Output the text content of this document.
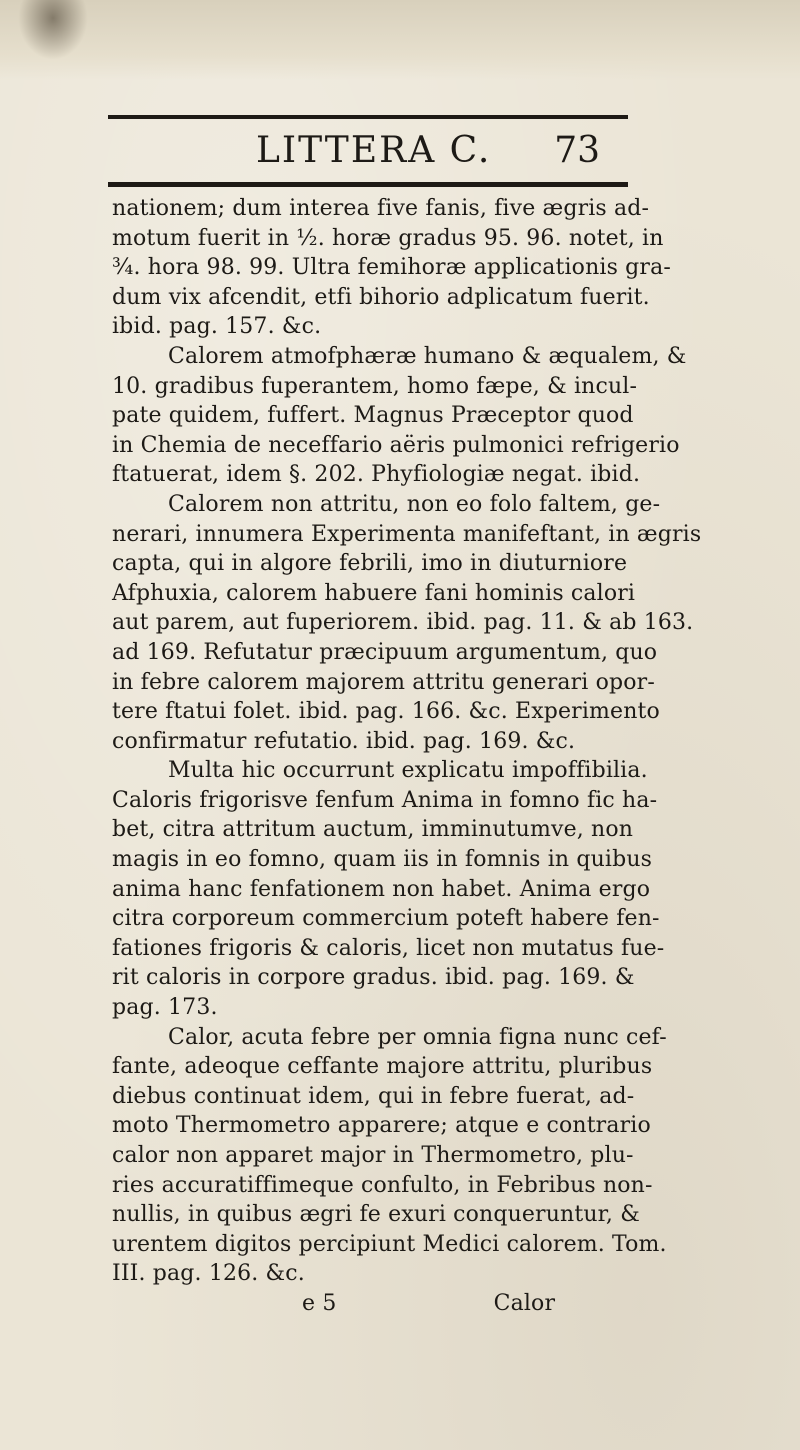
LITTERA C. 73
nationem; dum interea five fanis, five ægris ad-
motum fuerit in ½. horæ gradus 95. 96. notet, in
¾. hora 98. 99. Ultra femihoræ applicationis gra-
dum vix afcendit, etfi bihorio adplicatum fuerit.
ibid. pag. 157. &c.
Calorem atmofphæræ humano & æqualem, &
10. gradibus fuperantem, homo fæpe, & incul-
pate quidem, fuffert. Magnus Præceptor quod
in Chemia de neceffario aëris pulmonici refrigerio
ftatuerat, idem §. 202. Phyfiologiæ negat. ibid.
Calorem non attritu, non eo folo faltem, ge-
nerari, innumera Experimenta manifeftant, in ægris
capta, qui in algore febrili, imo in diuturniore
Afphuxia, calorem habuere fani hominis calori
aut parem, aut fuperiorem. ibid. pag. 11. & ab 163.
ad 169. Refutatur præcipuum argumentum, quo
in febre calorem majorem attritu generari opor-
tere ftatui folet. ibid. pag. 166. &c. Experimento
confirmatur refutatio. ibid. pag. 169. &c.
Multa hic occurrunt explicatu impoffibilia.
Caloris frigorisve fenfum Anima in fomno fic ha-
bet, citra attritum auctum, imminutumve, non
magis in eo fomno, quam iis in fomnis in quibus
anima hanc fenfationem non habet. Anima ergo
citra corporeum commercium poteft habere fen-
fationes frigoris & caloris, licet non mutatus fue-
rit caloris in corpore gradus. ibid. pag. 169. &
pag. 173.
Calor, acuta febre per omnia figna nunc cef-
fante, adeoque ceffante majore attritu, pluribus
diebus continuat idem, qui in febre fuerat, ad-
moto Thermometro apparere; atque e contrario
calor non apparet major in Thermometro, plu-
ries accuratiffimeque confulto, in Febribus non-
nullis, in quibus ægri fe exuri conqueruntur, &
urentem digitos percipiunt Medici calorem. Tom.
III. pag. 126. &c.
e 5	Calor
